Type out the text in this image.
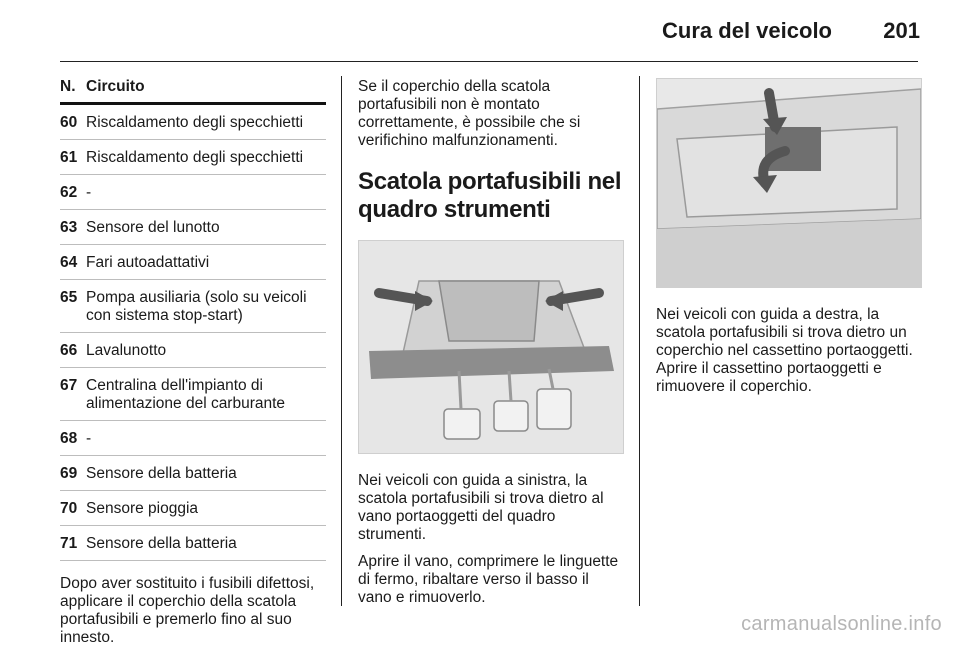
Cura del veicolo 201
N. Circuito
60 Riscaldamento degli specchietti
61 Riscaldamento degli specchietti
62 -
63 Sensore del lunotto
64 Fari autoadattativi
65 Pompa ausiliaria (solo su veicoli con sistema stop-start)
66 Lavalunotto
67 Centralina dell'impianto di alimentazione del carburante
68 -
69 Sensore della batteria
70 Sensore pioggia
71 Sensore della batteria

Dopo aver sostituito i fusibili difettosi, applicare il coperchio della scatola portafusibili e premerlo fino al suo innesto.

Se il coperchio della scatola portafusibili non è montato correttamente, è possibile che si verifichino malfunzionamenti.

Scatola portafusibili nel quadro strumenti

Nei veicoli con guida a sinistra, la scatola portafusibili si trova dietro al vano portaoggetti del quadro strumenti.

Aprire il vano, comprimere le linguette di fermo, ribaltare verso il basso il vano e rimuoverlo.

Nei veicoli con guida a destra, la scatola portafusibili si trova dietro un coperchio nel cassettino portaoggetti. Aprire il cassettino portaoggetti e rimuovere il coperchio.

carmanualsonline.info
